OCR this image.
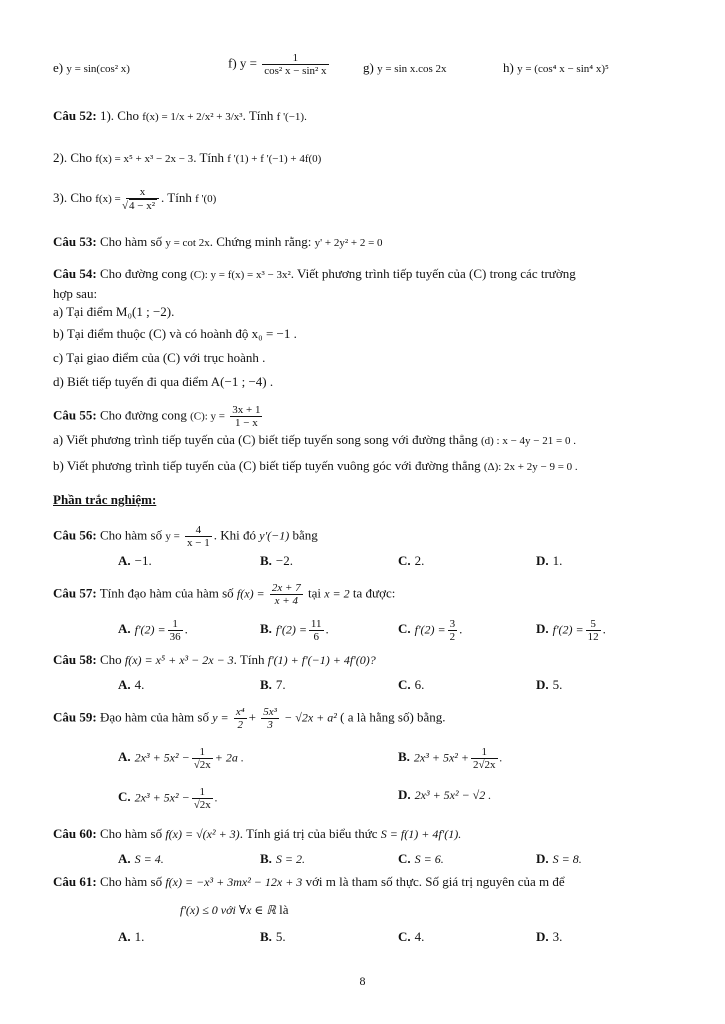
e) y = sin(cos² x)	f) $y = \frac{1}{\text{cos² x − sin² x}}$	g) y = sin x.cos 2x	h) y = (cos⁴ x − sin⁴ x)⁵
Câu 52: 1). Cho f(x) = 1/x + 2/x² + 3/x³. Tính f '(−1).
2). Cho f(x) = x⁵ + x³ − 2x − 3. Tính f '(1) + f '(−1) + 4f(0)
3). Cho f(x) = x
√ 4 − x² . Tính f '(0)
Câu 53: Cho hàm số y = cot 2x. Chứng minh rằng: y' + 2y² + 2 = 0
Câu 54: Cho đường cong (C): y = f(x) = x³ − 3x². Viết phương trình tiếp tuyến của (C) trong các trường
hợp sau:
a) Tại điểm M₀(1 ; −2).
b) Tại điểm thuộc (C) và có hoành độ x₀ = −1 .
c) Tại giao điểm của (C) với trục hoành .
d) Biết tiếp tuyến đi qua điểm A(−1 ; −4) .
Câu 55: Cho đường cong (C): $y = \frac{3x + 1}{1 - x}$
a) Viết phương trình tiếp tuyến của (C) biết tiếp tuyến song song với đường thẳng (d) : x − 4y − 21 = 0 .
b) Viết phương trình tiếp tuyến của (C) biết tiếp tuyến vuông góc với đường thẳng (Δ): 2x + 2y − 9 = 0 .
Phần trắc nghiệm:
Câu 56: Cho hàm số $y = \frac{4}{x - 1}$ . Khi đó y'(−1) bằng
A. −1.	B. −2.	C. 2.	D. 1.
Câu 57: Tính đạo hàm của hàm số $f(x) = \frac{2x + 7}{x + 4}$ tại x = 2 ta được:
A. $f'(2) = \frac{1}{36}$ .	B. $f'(2) = \frac{11}{6}$ .	C. $f'(2) = \frac{3}{2}$ .	D. $f'(2) = \frac{5}{12}$ .
Câu 58: Cho f(x) = x⁵ + x³ − 2x − 3. Tính f'(1) + f'(−1) + 4f'(0)?
A. 4.	B. 7.	C. 6.	D. 5.
Câu 59: Đạo hàm của hàm số $y = \frac{\text{x⁴}}{2} + \frac{\text{5x³}}{3} - √2x + a^2$ ( a là hằng số) bằng.
A. $2x^3 + 5x^2 - \frac{1}{√2x} + 2a$ .	B. $2x^3 + 5x^2 + \frac{1}{2√2x}$ .
C. $2x^3 + 5x^2 - \frac{1}{√2x}$ .	D. 2x³ + 5x² − √2 .
Câu 60: Cho hàm số f(x) = √(x² + 3). Tính giá trị của biểu thức S = f(1) + 4f'(1).
A. S = 4.	B. S = 2.	C. S = 6.	D. S = 8.
Câu 61: Cho hàm số f(x) = −x³ + 3mx² − 12x + 3 với m là tham số thực. Số giá trị nguyên của m để
f'(x) ≤ 0 với ∀x ∈ ℝ là
A. 1.	B. 5.	C. 4.	D. 3.
8
